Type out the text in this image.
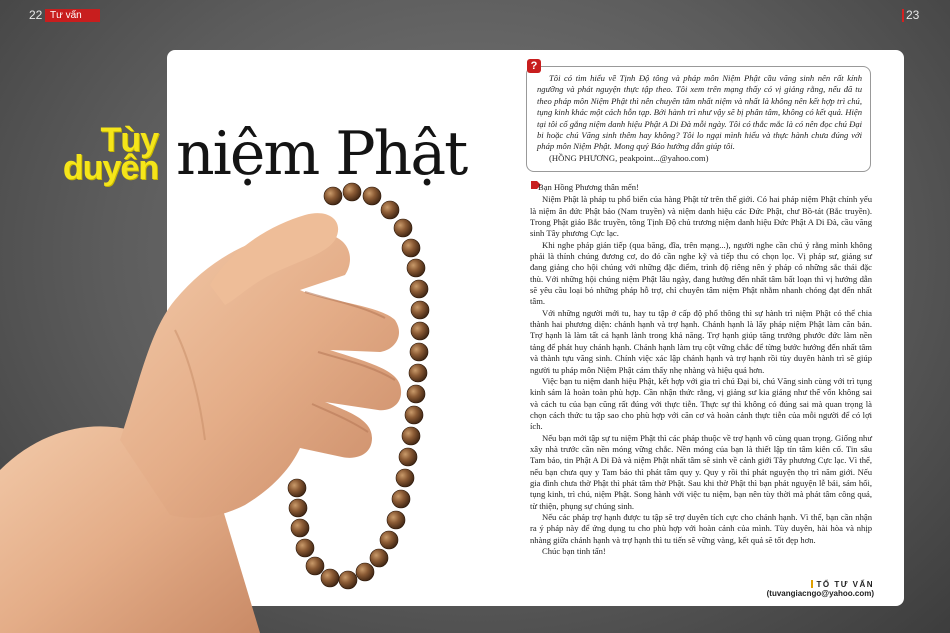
22 Tư vấn	23
Tùy duyên niệm Phật

Tôi có tìm hiểu về Tịnh Độ tông và pháp môn Niệm Phật cầu vãng sinh nên rất kính ngưỡng và phát nguyện thực tập theo. Tôi xem trên mạng thấy có vị giảng rằng, nếu đã tu theo pháp môn Niệm Phật thì nên chuyên tâm nhất niệm và nhất là không nên kết hợp trì chú, tụng kinh khác một cách hỗn tạp. Bởi hành trì như vậy sẽ bị phân tâm, không có kết quả. Hiện tại tôi cố gắng niệm danh hiệu Phật A Di Đà mỗi ngày. Tôi có thắc mắc là có nên đọc chú Đại bi hoặc chú Vãng sinh thêm hay không? Tôi lo ngại mình hiểu và thực hành chưa đúng với pháp môn Niệm Phật. Mong quý Báo hướng dẫn giúp tôi.

(HỒNG PHƯƠNG, peakpoint...@yahoo.com)

?

Bạn Hồng Phương thân mến!

Niệm Phật là pháp tu phổ biến của hàng Phật tử trên thế giới. Có hai pháp niệm Phật chính yếu là niệm ân đức Phật bảo (Nam truyền) và niệm danh hiệu các Đức Phật, chư Bồ-tát (Bắc truyền). Trong Phật giáo Bắc truyền, tông Tịnh Độ chủ trương niệm danh hiệu Đức Phật A Di Đà, cầu vãng sinh Tây phương Cực lạc.

Khi nghe pháp gián tiếp (qua băng, đĩa, trên mạng...), người nghe cần chú ý rằng mình không phải là thính chúng đương cơ, do đó cần nghe kỹ và tiếp thu có chọn lọc. Vị pháp sư, giảng sư đang giảng cho hội chúng với những đặc điểm, trình độ riêng nên ý pháp có những sắc thái đặc thù. Với những hội chúng niệm Phật lâu ngày, đang hướng đến nhất tâm bất loạn thì vị hướng dẫn sẽ yêu cầu loại bỏ những pháp hỗ trợ, chỉ chuyên tâm niệm Phật nhằm nhanh chóng đạt đến nhất tâm.

Với những người mới tu, hay tu tập ở cấp độ phổ thông thì sự hành trì niệm Phật có thể chia thành hai phương diện: chánh hạnh và trợ hạnh. Chánh hạnh là lấy pháp niệm Phật làm căn bản. Trợ hạnh là làm tất cả hạnh lành trong khả năng. Trợ hạnh giúp tăng trưởng phước đức làm nền tảng để phát huy chánh hạnh. Chánh hạnh làm trụ cột vững chắc để từng bước hướng đến nhất tâm và thành tựu vãng sinh. Chính việc xác lập chánh hạnh và trợ hạnh rồi tùy duyên hành trì sẽ giúp người tu pháp môn Niệm Phật cảm thấy nhẹ nhàng và hiệu quả hơn.

Việc bạn tu niệm danh hiệu Phật, kết hợp với gia trì chú Đại bi, chú Vãng sinh cùng với trì tụng kinh sám là hoàn toàn phù hợp. Cần nhận thức rằng, vị giảng sư kia giảng như thế vốn không sai và cách tu của bạn cũng rất đúng với thực tiễn. Thực sự thì không có đúng sai mà quan trọng là chọn cách thức tu tập sao cho phù hợp với căn cơ và hoàn cảnh thực tiễn của mỗi người để có lợi ích.

Nếu bạn mới tập sự tu niệm Phật thì các pháp thuộc về trợ hạnh vô cùng quan trọng. Giống như xây nhà trước cần nền móng vững chắc. Nền móng của bạn là thiết lập tín tâm kiên cố. Tin sâu Tam bảo, tin Phật A Di Đà và niệm Phật nhất tâm sẽ sinh về cảnh giới Tây phương Cực lạc. Vì thế, nếu bạn chưa quy y Tam bảo thì phát tâm quy y. Quy y rồi thì phát nguyện thọ trì năm giới. Nếu gia đình chưa thờ Phật thì phát tâm thờ Phật. Sau khi thờ Phật thì bạn phát nguyện lễ bái, sám hối, tụng kinh, trì chú, niệm Phật. Song hành với việc tu niệm, bạn nên tùy thời mà phát tâm công quả, từ thiện, phụng sự chúng sinh.

Nếu các pháp trợ hạnh được tu tập sẽ trợ duyên tích cực cho chánh hạnh. Vì thế, bạn cần nhận ra ý pháp này để ứng dụng tu cho phù hợp với hoàn cảnh của mình. Tùy duyên, hài hòa và nhịp nhàng giữa chánh hạnh và trợ hạnh thì tu tiến sẽ vững vàng, kết quả sẽ tốt đẹp hơn.

Chúc bạn tinh tấn!

TỔ TƯ VẤN
(tuvangiacngo@yahoo.com)
